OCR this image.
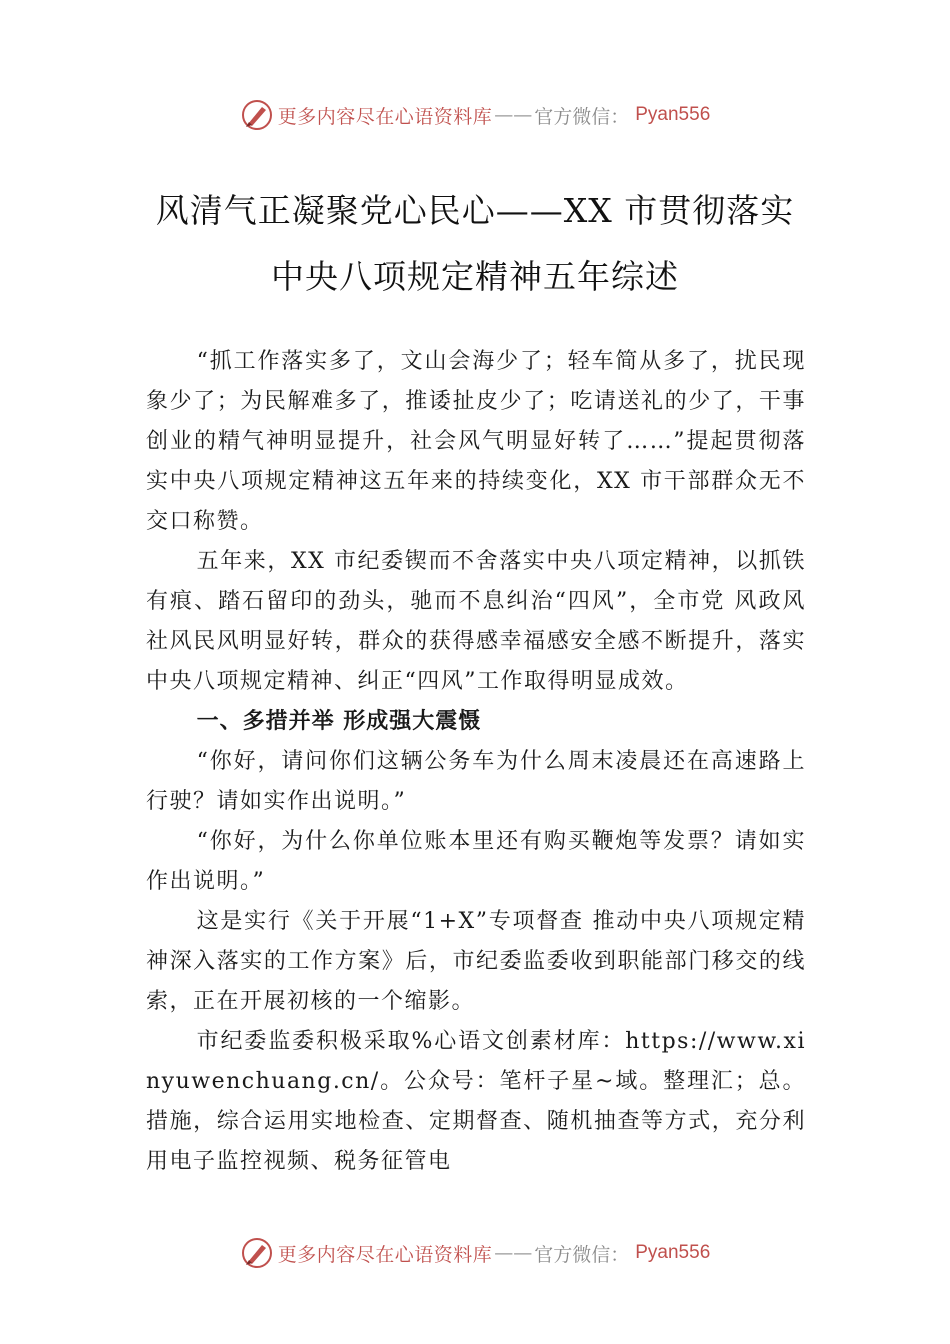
更多内容尽在心语资料库 —— 官方微信： Pyan556
风清气正凝聚党心民心——XX 市贯彻落实
中央八项规定精神五年综述

“抓工作落实多了，文山会海少了；轻车简从多了，扰民现象少了；为民解难多了，推诿扯皮少了；吃请送礼的少了，干事创业的精气神明显提升，社会风气明显好转了……”提起贯彻落实中央八项规定精神这五年来的持续变化，XX 市干部群众无不交口称赞。

五年来，XX 市纪委锲而不舍落实中央八项定精神，以抓铁有痕、踏石留印的劲头，驰而不息纠治“四风”，全市党 风政风社风民风明显好转，群众的获得感幸福感安全感不断提升，落实中央八项规定精神、纠正“四风”工作取得明显成效。

一、多措并举 形成强大震慑

“你好，请问你们这辆公务车为什么周末凌晨还在高速路上行驶？请如实作出说明。”

“你好，为什么你单位账本里还有购买鞭炮等发票？请如实作出说明。”

这是实行《关于开展“1+X”专项督查 推动中央八项规定精神深入落实的工作方案》后，市纪委监委收到职能部门移交的线索，正在开展初核的一个缩影。

市纪委监委积极采取%心语文创素材库：https://www.xinyuwenchuang.cn/。公众号：笔杆子星~域。整理汇；总。措施，综合运用实地检查、定期督查、随机抽查等方式，充分利用电子监控视频、税务征管电

更多内容尽在心语资料库 —— 官方微信： Pyan556
